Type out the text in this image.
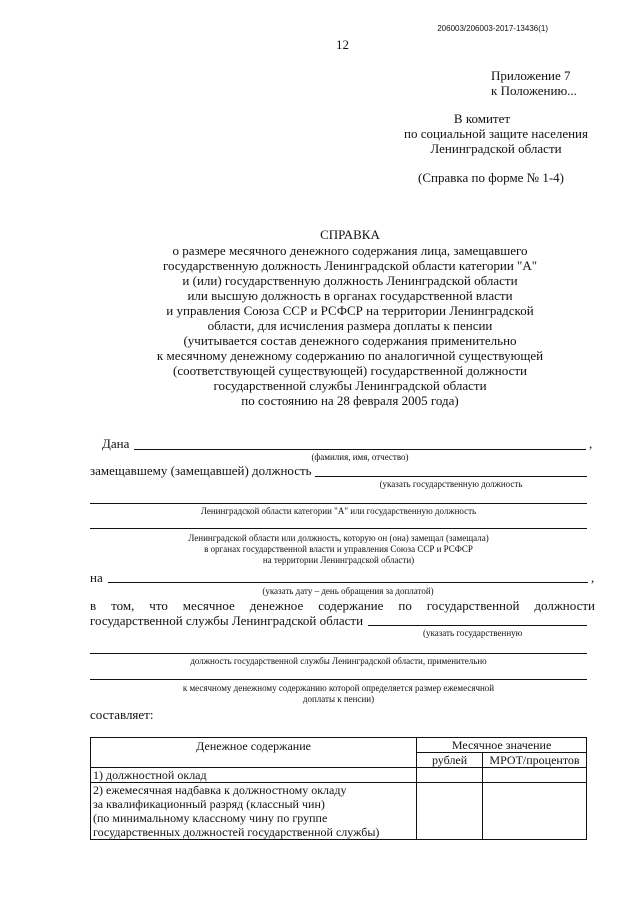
206003/206003-2017-13436(1)
12
Приложение 7
к Положению...
В комитет
по социальной защите населения
Ленинградской области
(Справка по форме № 1-4)
СПРАВКА
о размере месячного денежного содержания лица, замещавшего
государственную должность Ленинградской области категории "А"
и (или) государственную должность Ленинградской области
или высшую должность в органах государственной власти
и управления Союза ССР и РСФСР на территории Ленинградской
области, для исчисления размера доплаты к пенсии
(учитывается состав денежного содержания применительно
к месячному денежному содержанию по аналогичной существующей
(соответствующей существующей) государственной должности
государственной службы Ленинградской области
по состоянию на 28 февраля 2005 года)
Дана	,
(фамилия, имя, отчество)
замещавшему (замещавшей) должность
(указать государственную должность
Ленинградской области категории "А" или государственную должность
Ленинградской области или должность, которую он (она) замещал (замещала)
в органах государственной власти и управления Союза ССР и РСФСР
на территории Ленинградской области)
на	,
(указать дату – день обращения за доплатой)
в том, что месячное денежное содержание по государственной должности
государственной службы Ленинградской области
(указать государственную
должность государственной службы Ленинградской области, применительно
к месячному денежному содержанию которой определяется размер ежемесячной
доплаты к пенсии)
составляет:
Денежное содержание	Месячное значение	
	рублей	МРОТ/процентов
1) должностной оклад		
2) ежемесячная надбавка к должностному окладу
за квалификационный разряд (классный чин)
(по минимальному классному чину по группе
государственных должностей государственной службы)		
